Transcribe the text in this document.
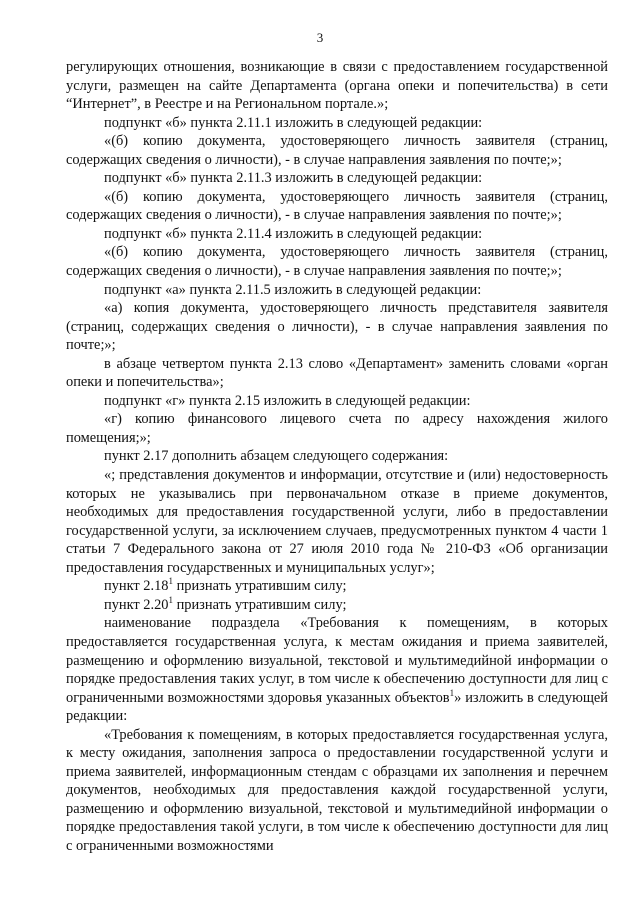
3

регулирующих отношения, возникающие в связи с предоставлением государственной услуги, размещен на сайте Департамента (органа опеки и попечительства) в сети “Интернет”, в Реестре и на Региональном портале.»;

подпункт «б» пункта 2.11.1 изложить в следующей редакции:

«(б) копию документа, удостоверяющего личность заявителя (страниц, содержащих сведения о личности), - в случае направления заявления по почте;»;

подпункт «б» пункта 2.11.3 изложить в следующей редакции:

«(б) копию документа, удостоверяющего личность заявителя (страниц, содержащих сведения о личности), - в случае направления заявления по почте;»;

подпункт «б» пункта 2.11.4 изложить в следующей редакции:

«(б) копию документа, удостоверяющего личность заявителя (страниц, содержащих сведения о личности), - в случае направления заявления по почте;»;

подпункт «а» пункта 2.11.5 изложить в следующей редакции:

«а) копия документа, удостоверяющего личность представителя заявителя (страниц, содержащих сведения о личности), - в случае направления заявления по почте;»;

в абзаце четвертом пункта 2.13 слово «Департамент» заменить словами «орган опеки и попечительства»;

подпункт «г» пункта 2.15 изложить в следующей редакции:

«г) копию финансового лицевого счета по адресу нахождения жилого помещения;»;

пункт 2.17 дополнить абзацем следующего содержания:

«; представления документов и информации, отсутствие и (или) недостоверность которых не указывались при первоначальном отказе в приеме документов, необходимых для предоставления государственной услуги, либо в предоставлении государственной услуги, за исключением случаев, предусмотренных пунктом 4 части 1 статьи 7 Федерального закона от 27 июля 2010 года № 210-ФЗ «Об организации предоставления государственных и муниципальных услуг»;

пункт 2.18$^1$ признать утратившим силу;

пункт 2.20$^1$ признать утратившим силу;

наименование подраздела «Требования к помещениям, в которых предоставляется государственная услуга, к местам ожидания и приема заявителей, размещению и оформлению визуальной, текстовой и мультимедийной информации о порядке предоставления таких услуг, в том числе к обеспечению доступности для лиц с ограниченными возможностями здоровья указанных объектов$^1$» изложить в следующей редакции:

«Требования к помещениям, в которых предоставляется государственная услуга, к месту ожидания, заполнения запроса о предоставлении государственной услуги и приема заявителей, информационным стендам с образцами их заполнения и перечнем документов, необходимых для предоставления каждой государственной услуги, размещению и оформлению визуальной, текстовой и мультимедийной информации о порядке предоставления такой услуги, в том числе к обеспечению доступности для лиц с ограниченными возможностями
